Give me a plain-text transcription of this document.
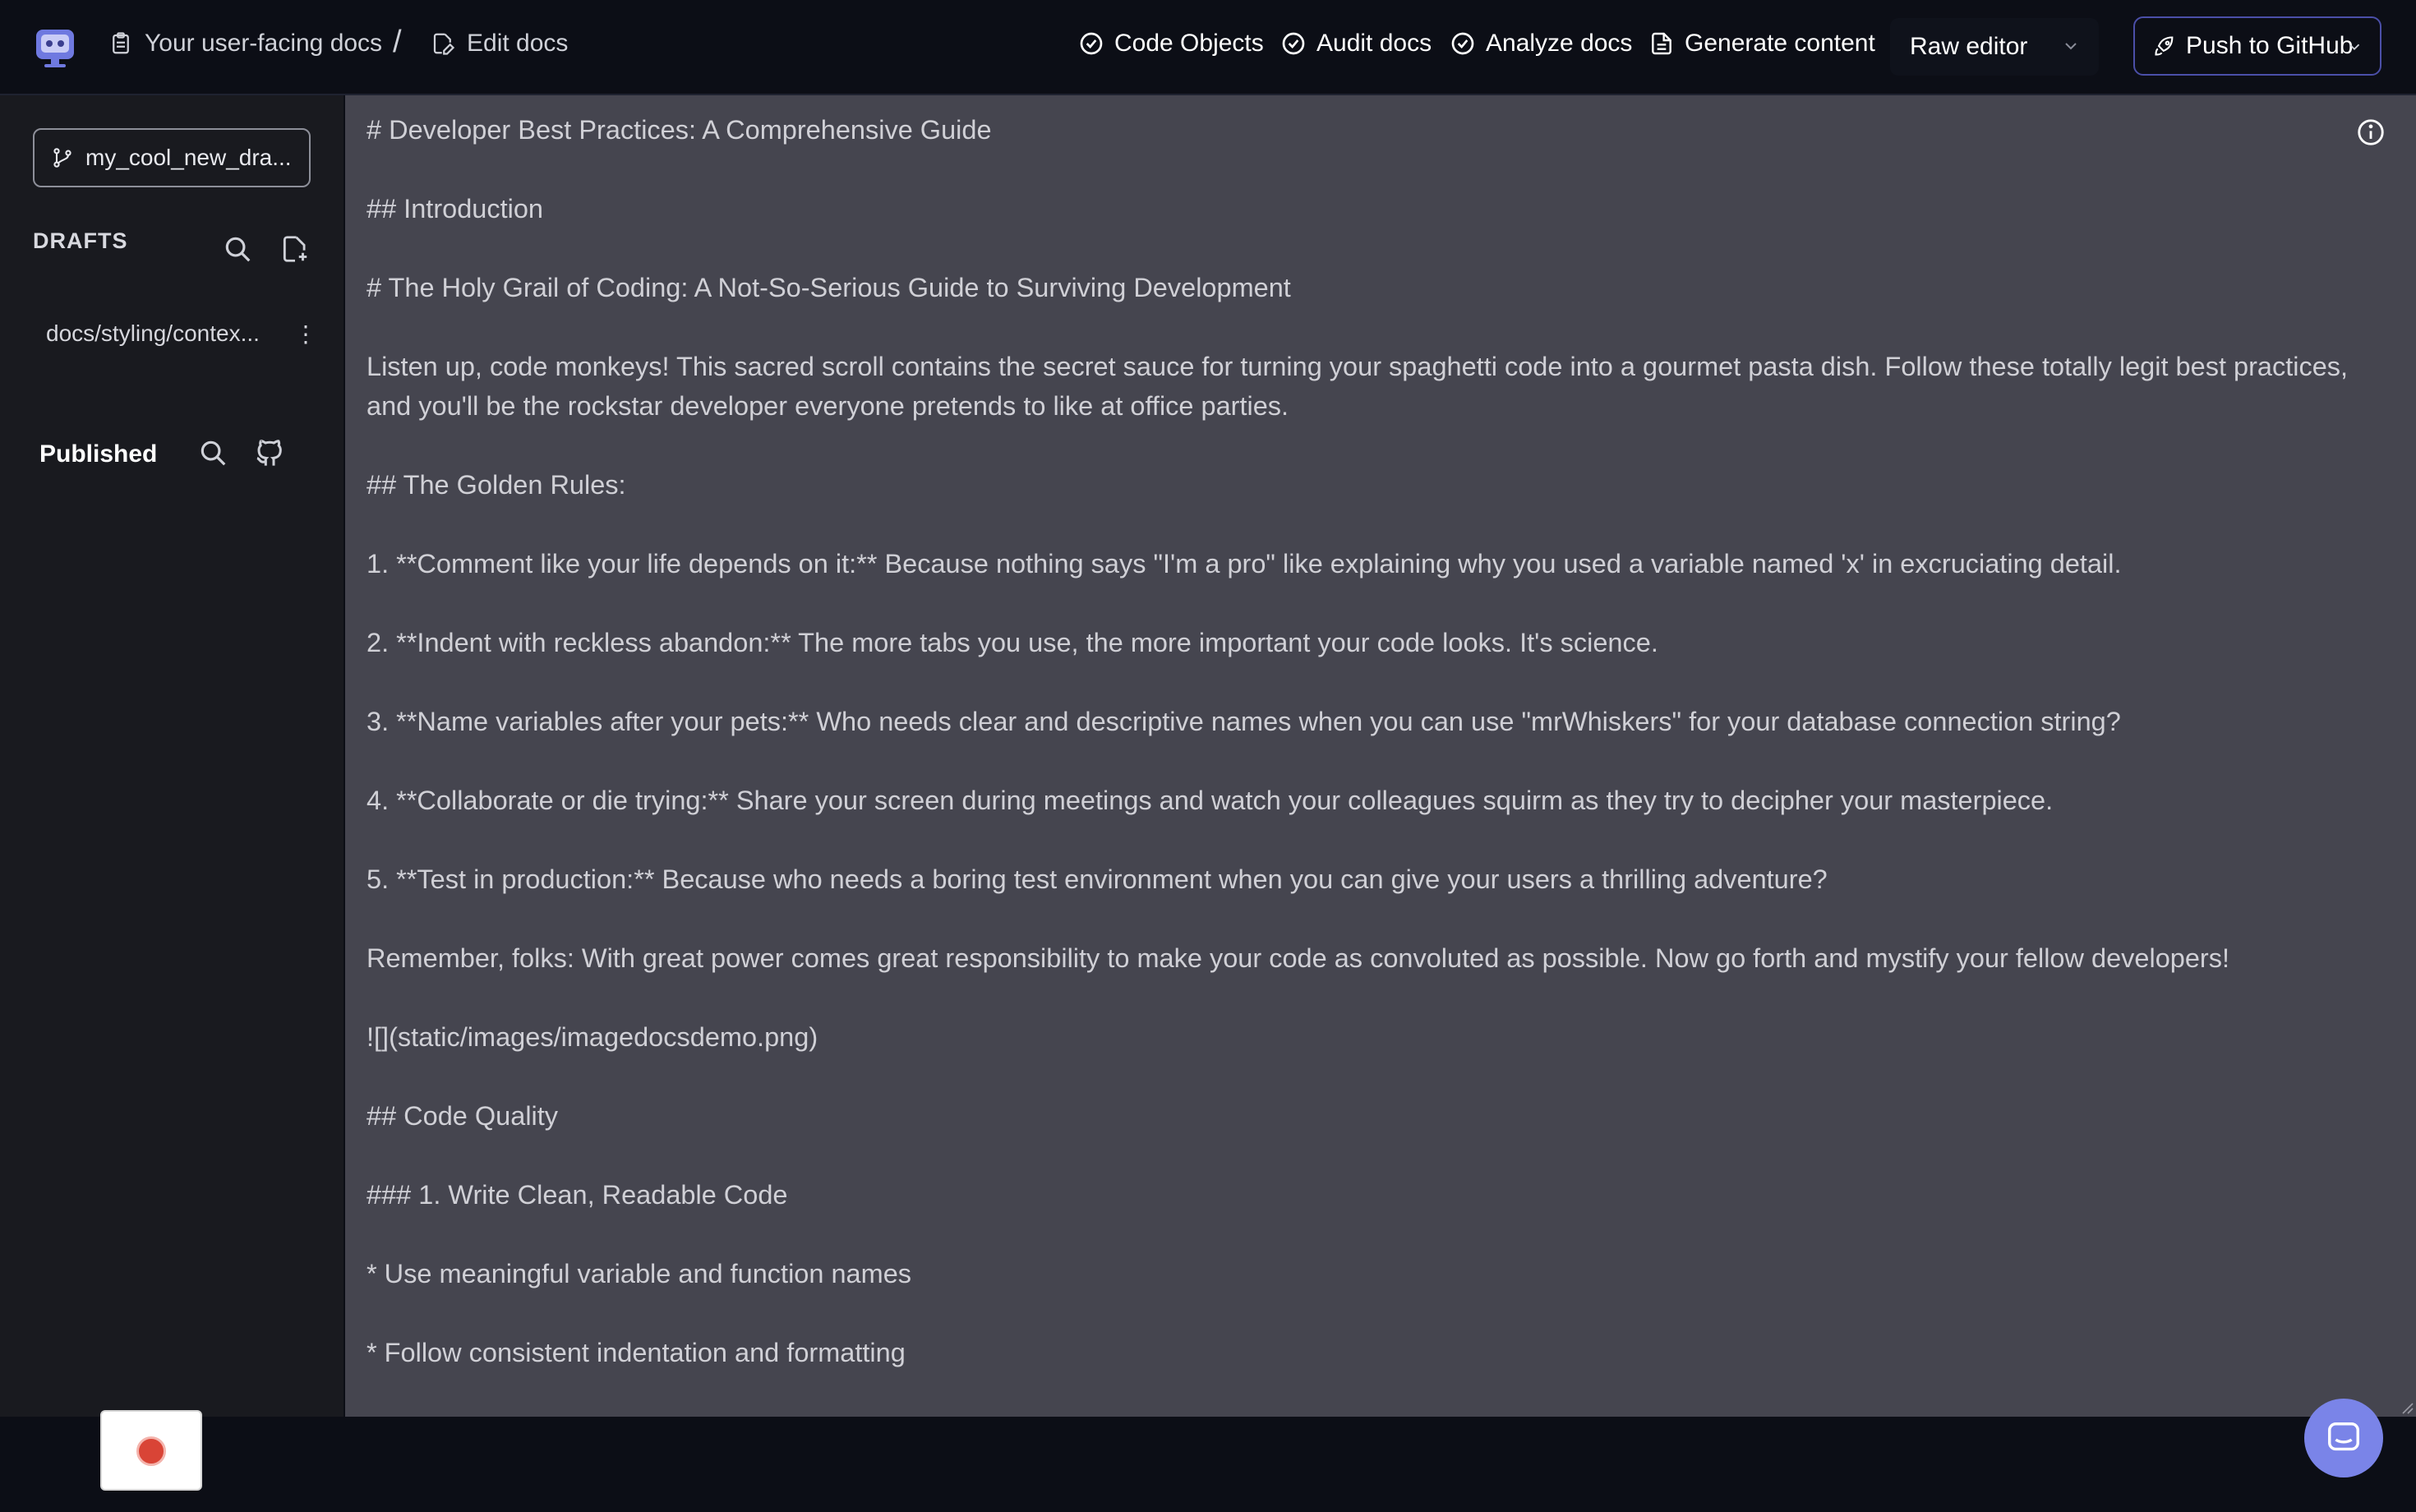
Your user-facing docs /	Edit docs	Code Objects Audit docs Analyze docs Generate content Raw editor	Push to GitHub
my_cool_new_dra...
DRAFTS
docs/styling/contex... ⋮
Published

# Developer Best Practices: A Comprehensive Guide

## Introduction

# The Holy Grail of Coding: A Not-So-Serious Guide to Surviving Development

Listen up, code monkeys! This sacred scroll contains the secret sauce for turning your spaghetti code into a gourmet pasta dish. Follow these totally legit best practices, and you'll be the rockstar developer everyone pretends to like at office parties.

## The Golden Rules:

1. **Comment like your life depends on it:** Because nothing says "I'm a pro" like explaining why you used a variable named 'x' in excruciating detail.

2. **Indent with reckless abandon:** The more tabs you use, the more important your code looks. It's science.

3. **Name variables after your pets:** Who needs clear and descriptive names when you can use "mrWhiskers" for your database connection string?

4. **Collaborate or die trying:** Share your screen during meetings and watch your colleagues squirm as they try to decipher your masterpiece.

5. **Test in production:** Because who needs a boring test environment when you can give your users a thrilling adventure?

Remember, folks: With great power comes great responsibility to make your code as convoluted as possible. Now go forth and mystify your fellow developers!

![](static/images/imagedocsdemo.png)

## Code Quality

### 1. Write Clean, Readable Code

* Use meaningful variable and function names

* Follow consistent indentation and formatting
